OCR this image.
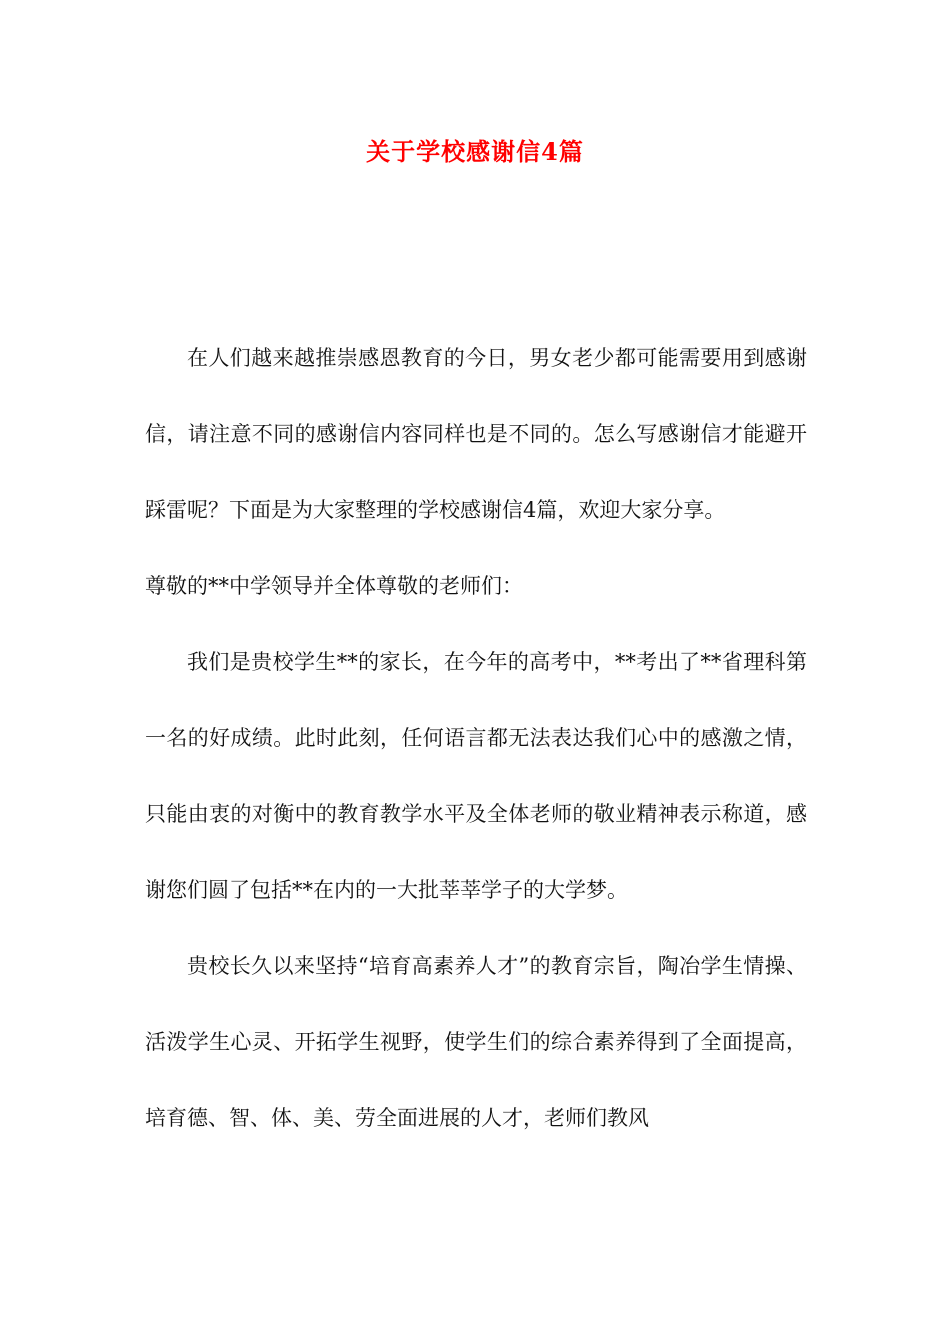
关于学校感谢信4篇

在人们越来越推崇感恩教育的今日，男女老少都可能需要用到感谢信，请注意不同的感谢信内容同样也是不同的。怎么写感谢信才能避开踩雷呢？下面是为大家整理的学校感谢信4篇，欢迎大家分享。

尊敬的**中学领导并全体尊敬的老师们：

我们是贵校学生**的家长，在今年的高考中，**考出了**省理科第一名的好成绩。此时此刻，任何语言都无法表达我们心中的感激之情，只能由衷的对衡中的教育教学水平及全体老师的敬业精神表示称道，感谢您们圆了包括**在内的一大批莘莘学子的大学梦。

贵校长久以来坚持“培育高素养人才”的教育宗旨，陶冶学生情操、活泼学生心灵、开拓学生视野，使学生们的综合素养得到了全面提高，培育德、智、体、美、劳全面进展的人才，老师们教风
